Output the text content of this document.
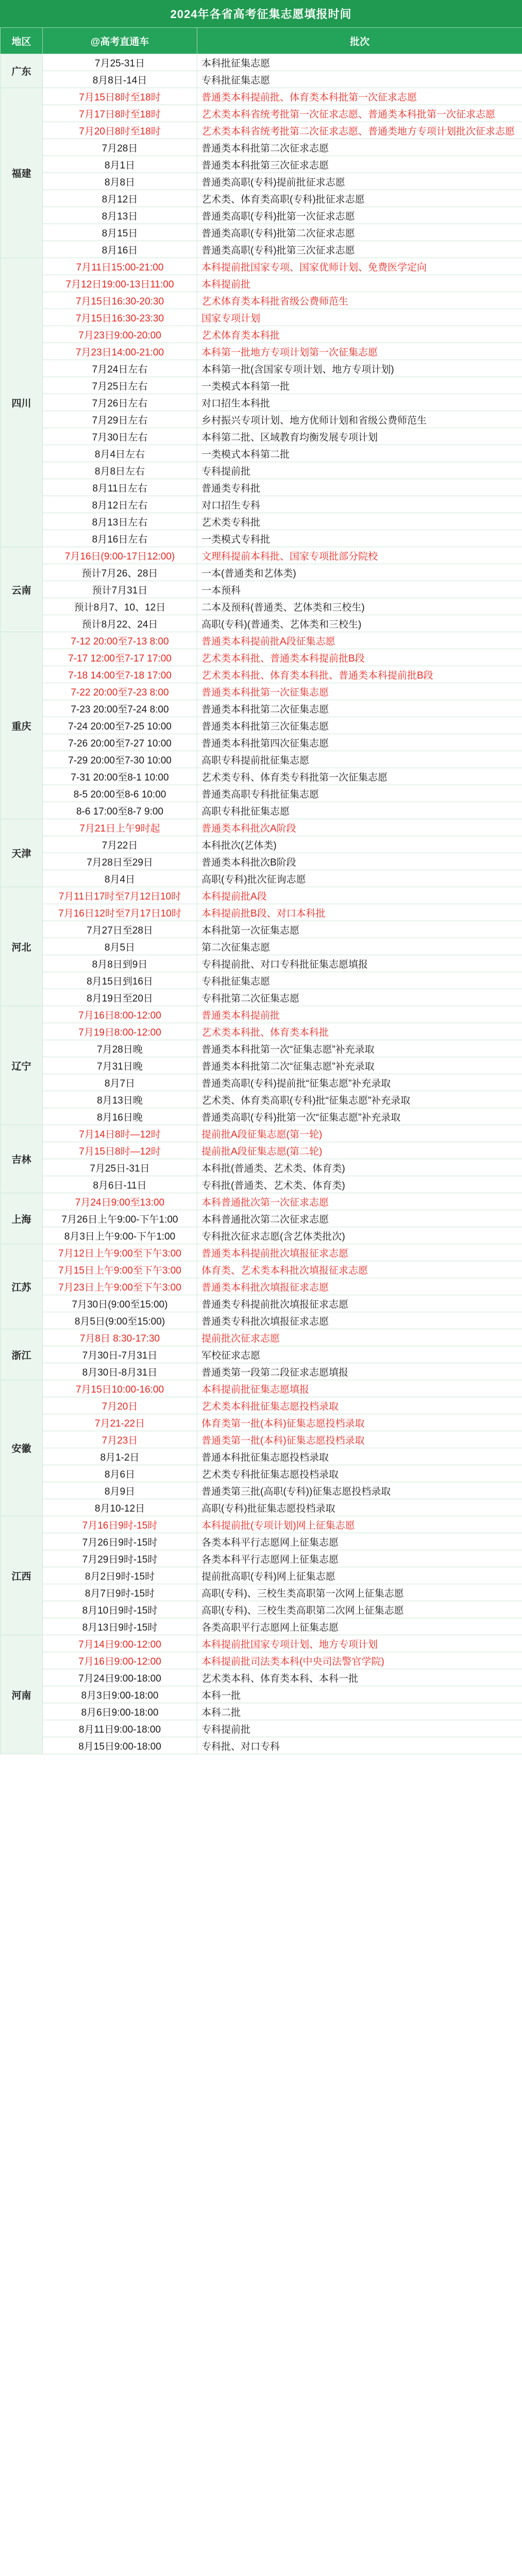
2024年各省高考征集志愿填报时间
地区	@高考直通车	批次
广东	7月25-31日	本科批征集志愿
	8月8日-14日	专科批征集志愿
福建	7月15日8时至18时	普通类本科提前批、体育类本科批第一次征求志愿
	7月17日8时至18时	艺术类本科省统考批第一次征求志愿、普通类本科批第一次征求志愿
	7月20日8时至18时	艺术类本科省统考批第二次征求志愿、普通类地方专项计划批次征求志愿
	7月28日	普通类本科批第二次征求志愿
	8月1日	普通类本科批第三次征求志愿
	8月8日	普通类高职(专科)提前批征求志愿
	8月12日	艺术类、体育类高职(专科)批征求志愿
	8月13日	普通类高职(专科)批第一次征求志愿
	8月15日	普通类高职(专科)批第二次征求志愿
	8月16日	普通类高职(专科)批第三次征求志愿
四川	7月11日15:00-21:00	本科提前批国家专项、国家优师计划、免费医学定向
	7月12日19:00-13日11:00	本科提前批
	7月15日16:30-20:30	艺术体育类本科批省级公费师范生
	7月15日16:30-23:30	国家专项计划
	7月23日9:00-20:00	艺术体育类本科批
	7月23日14:00-21:00	本科第一批地方专项计划第一次征集志愿
	7月24日左右	本科第一批(含国家专项计划、地方专项计划)
	7月25日左右	一类模式本科第一批
	7月26日左右	对口招生本科批
	7月29日左右	乡村振兴专项计划、地方优师计划和省级公费师范生
	7月30日左右	本科第二批、区域教育均衡发展专项计划
	8月4日左右	一类模式本科第二批
	8月8日左右	专科提前批
	8月11日左右	普通类专科批
	8月12日左右	对口招生专科
	8月13日左右	艺术类专科批
	8月16日左右	一类模式专科批
云南	7月16日(9:00-17日12:00)	文理科提前本科批、国家专项批部分院校
	预计7月26、28日	一本(普通类和艺体类)
	预计7月31日	一本预科
	预计8月7、10、12日	二本及预科(普通类、艺体类和三校生)
	预计8月22、24日	高职(专科)(普通类、艺体类和三校生)
重庆	7-12 20:00至7-13 8:00	普通类本科提前批A段征集志愿
	7-17 12:00至7-17 17:00	艺术类本科批、普通类本科提前批B段
	7-18 14:00至7-18 17:00	艺术类本科批、体育类本科批、普通类本科提前批B段
	7-22 20:00至7-23 8:00	普通类本科批第一次征集志愿
	7-23 20:00至7-24 8:00	普通类本科批第二次征集志愿
	7-24 20:00至7-25 10:00	普通类本科批第三次征集志愿
	7-26 20:00至7-27 10:00	普通类本科批第四次征集志愿
	7-29 20:00至7-30 10:00	高职专科提前批征集志愿
	7-31 20:00至8-1 10:00	艺术类专科、体育类专科批第一次征集志愿
	8-5 20:00至8-6 10:00	普通类高职专科批征集志愿
	8-6 17:00至8-7 9:00	高职专科批征集志愿
天津	7月21日上午9时起	普通类本科批次A阶段
	7月22日	本科批次(艺体类)
	7月28日至29日	普通类本科批次B阶段
	8月4日	高职(专科)批次征询志愿
河北	7月11日17时至7月12日10时	本科提前批A段
	7月16日12时至7月17日10时	本科提前批B段、对口本科批
	7月27日至28日	本科批第一次征集志愿
	8月5日	第二次征集志愿
	8月8日到9日	专科提前批、对口专科批征集志愿填报
	8月15日到16日	专科批征集志愿
	8月19日至20日	专科批第二次征集志愿
辽宁	7月16日8:00-12:00	普通类本科提前批
	7月19日8:00-12:00	艺术类本科批、体育类本科批
	7月28日晚	普通类本科批第一次“征集志愿”补充录取
	7月31日晚	普通类本科批第二次“征集志愿”补充录取
	8月7日	普通类高职(专科)提前批“征集志愿”补充录取
	8月13日晚	艺术类、体育类高职(专科)批“征集志愿”补充录取
	8月16日晚	普通类高职(专科)批第一次“征集志愿”补充录取
吉林	7月14日8时—12时	提前批A段征集志愿(第一轮)
	7月15日8时—12时	提前批A段征集志愿(第二轮)
	7月25日-31日	本科批(普通类、艺术类、体育类)
	8月6日-11日	专科批(普通类、艺术类、体育类)
上海	7月24日9:00至13:00	本科普通批次第一次征求志愿
	7月26日上午9:00-下午1:00	本科普通批次第二次征求志愿
	8月3日上午9:00-下午1:00	专科批次征求志愿(含艺体类批次)
江苏	7月12日上午9:00至下午3:00	普通类本科提前批次填报征求志愿
	7月15日上午9:00至下午3:00	体育类、艺术类本科批次填报征求志愿
	7月23日上午9:00至下午3:00	普通类本科批次填报征求志愿
	7月30日(9:00至15:00)	普通类专科提前批次填报征求志愿
	8月5日(9:00至15:00)	普通类专科批次填报征求志愿
浙江	7月8日 8:30-17:30	提前批次征求志愿
	7月30日-7月31日	军校征求志愿
	8月30日-8月31日	普通类第一段第二段征求志愿填报
安徽	7月15日10:00-16:00	本科提前批征集志愿填报
	7月20日	艺术类本科批征集志愿投档录取
	7月21-22日	体育类第一批(本科)征集志愿投档录取
	7月23日	普通类第一批(本科)征集志愿投档录取
	8月1-2日	普通本科批征集志愿投档录取
	8月6日	艺术类专科批征集志愿投档录取
	8月9日	普通类第三批(高职(专科))征集志愿投档录取
	8月10-12日	高职(专科)批征集志愿投档录取
江西	7月16日9时-15时	本科提前批(专项计划)网上征集志愿
	7月26日9时-15时	各类本科平行志愿网上征集志愿
	7月29日9时-15时	各类本科平行志愿网上征集志愿
	8月2日9时-15时	提前批高职(专科)网上征集志愿
	8月7日9时-15时	高职(专科)、三校生类高职第一次网上征集志愿
	8月10日9时-15时	高职(专科)、三校生类高职第二次网上征集志愿
	8月13日9时-15时	各类高职平行志愿网上征集志愿
河南	7月14日9:00-12:00	本科提前批国家专项计划、地方专项计划
	7月16日9:00-12:00	本科提前批司法类本科(中央司法警官学院)
	7月24日9:00-18:00	艺术类本科、体育类本科、本科一批
	8月3日9:00-18:00	本科一批
	8月6日9:00-18:00	本科二批
	8月11日9:00-18:00	专科提前批
	8月15日9:00-18:00	专科批、对口专科
